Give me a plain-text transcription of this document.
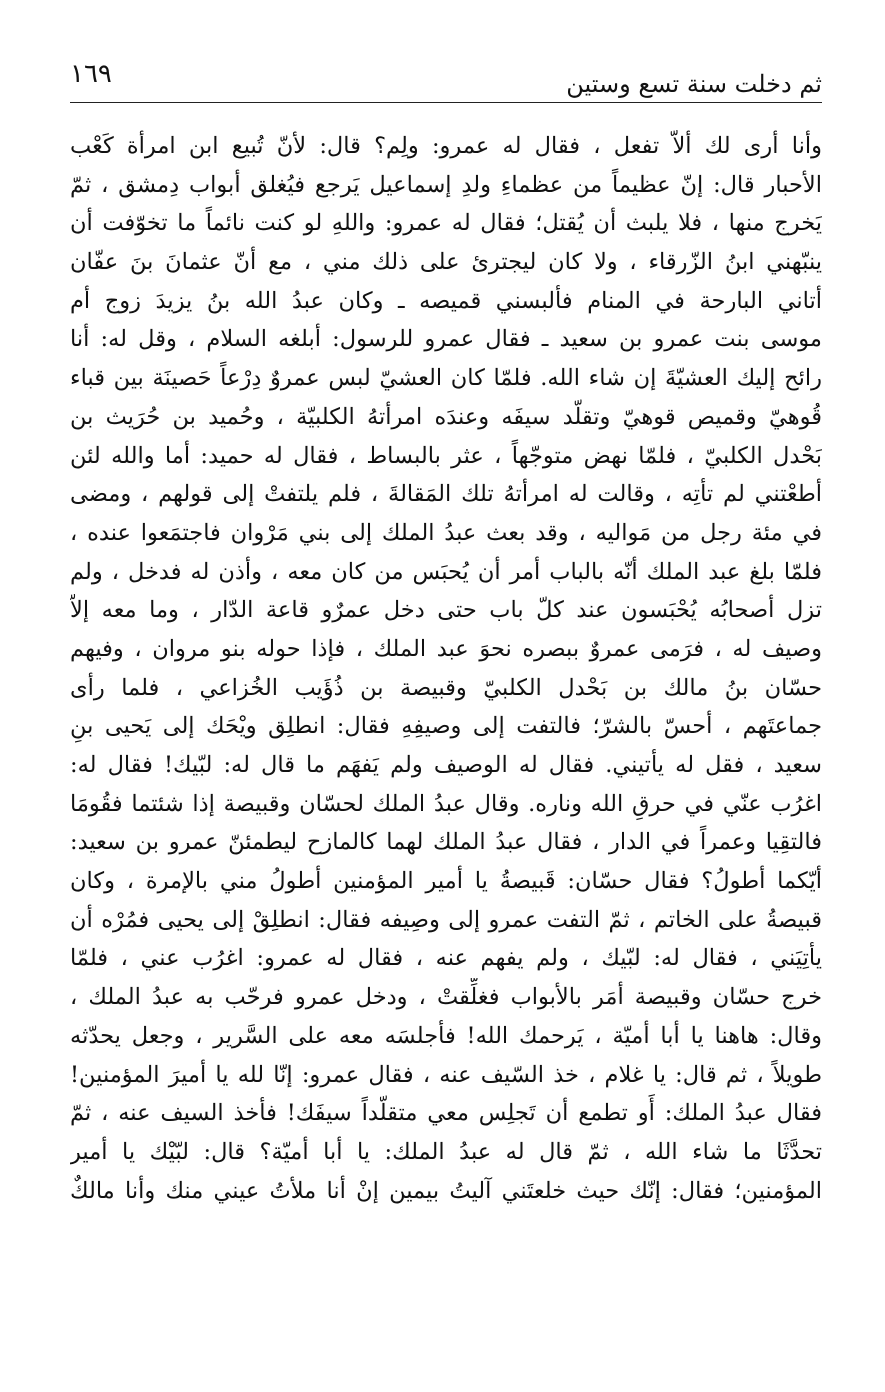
ثم دخلت سنة تسع وستين
١٦٩
وأنا أرى لك ألاّ تفعل ، فقال له عمرو: ولِم؟ قال: لأنّ تُبيع ابن امرأة كَعْب
الأحبار قال: إنّ عظيماً من عظماءِ ولدِ إسماعيل يَرجع فيُغلق أبواب دِمشق ، ثمّ
يَخرج منها ، فلا يلبث أن يُقتل؛ فقال له عمرو: واللهِ لو كنت نائماً ما تخوّفت أن
ينبّهني ابنُ الزّرقاء ، ولا كان ليجترئ على ذلك مني ، مع أنّ عثمانَ بنَ عفّان
أتاني البارحة في المنام فألبسني قميصه ـ وكان عبدُ الله بنُ يزيدَ زوج أم
موسى بنت عمرو بن سعيد ـ فقال عمرو للرسول: أبلغه السلام ، وقل له: أنا
رائح إليك العشيّةَ إن شاء الله. فلمّا كان العشيّ لبس عمروٌ دِرْعاً حَصينَة بين قباء
قُوهيّ وقميص قوهيّ وتقلّد سيفَه وعندَه امرأتهُ الكلبيّة ، وحُميد بن حُرَيث بن
بَحْدل الكلبيّ ، فلمّا نهض متوجّهاً ، عثر بالبساط ، فقال له حميد: أما والله لئن
أطعْتني لم تأتِه ، وقالت له امرأتهُ تلك المَقالةَ ، فلم يلتفتْ إلى قولهم ، ومضى
في مئة رجل من مَواليه ، وقد بعث عبدُ الملك إلى بني مَرْوان فاجتمَعوا عنده ،
فلمّا بلغ عبد الملك أنّه بالباب أمر أن يُحبَس من كان معه ، وأذن له فدخل ، ولم
تزل أصحابُه يُحْبَسون عند كلّ باب حتى دخل عمرٌو قاعة الدّار ، وما معه إلاّ
وصيف له ، فرَمى عمروٌ ببصره نحوَ عبد الملك ، فإذا حوله بنو مروان ، وفيهم
حسّان بنُ مالك بن بَحْدل الكلبيّ وقبيصة بن ذُؤَيب الخُزاعي ، فلما رأى
جماعتَهم ، أحسّ بالشرّ؛ فالتفت إلى وصيفِهِ فقال: انطلِق ويْحَك إلى يَحيى بنِ
سعيد ، فقل له يأتيني. فقال له الوصيف ولم يَفهَم ما قال له: لبّيك! فقال له:
اغرُب عنّي في حرقِ الله وناره. وقال عبدُ الملك لحسّان وقبيصة إذا شئتما فقُومَا
فالتقِيا وعمراً في الدار ، فقال عبدُ الملك لهما كالمازح ليطمئنّ عمرو بن سعيد:
أيّكما أطولُ؟ فقال حسّان: قَبيصةُ يا أمير المؤمنين أطولُ مني بالإمرة ، وكان
قبيصةُ على الخاتم ، ثمّ التفت عمرو إلى وصِيفه فقال: انطلِقْ إلى يحيى فمُرْه أن
يأتِيَني ، فقال له: لبّيك ، ولم يفهم عنه ، فقال له عمرو: اغرُب عني ، فلمّا
خرج حسّان وقبيصة أمَر بالأبواب فغلِّقتْ ، ودخل عمرو فرحّب به عبدُ الملك ،
وقال: هاهنا يا أبا أميّة ، يَرحمك الله! فأجلسَه معه على السَّرير ، وجعل يحدّثه
طويلاً ، ثم قال: يا غلام ، خذ السّيف عنه ، فقال عمرو: إنّا لله يا أميرَ المؤمنين!
فقال عبدُ الملك: أَو تطمع أن تَجلِس معي متقلّداً سيفَك! فأخذ السيف عنه ، ثمّ
تحدَّثَا ما شاء الله ، ثمّ قال له عبدُ الملك: يا أبا أميّة؟ قال: لبّيْك يا أمير
المؤمنين؛ فقال: إنّك حيث خلعتَني آليتُ بيمين إنْ أنا ملأتُ عيني منك وأنا مالكٌ
